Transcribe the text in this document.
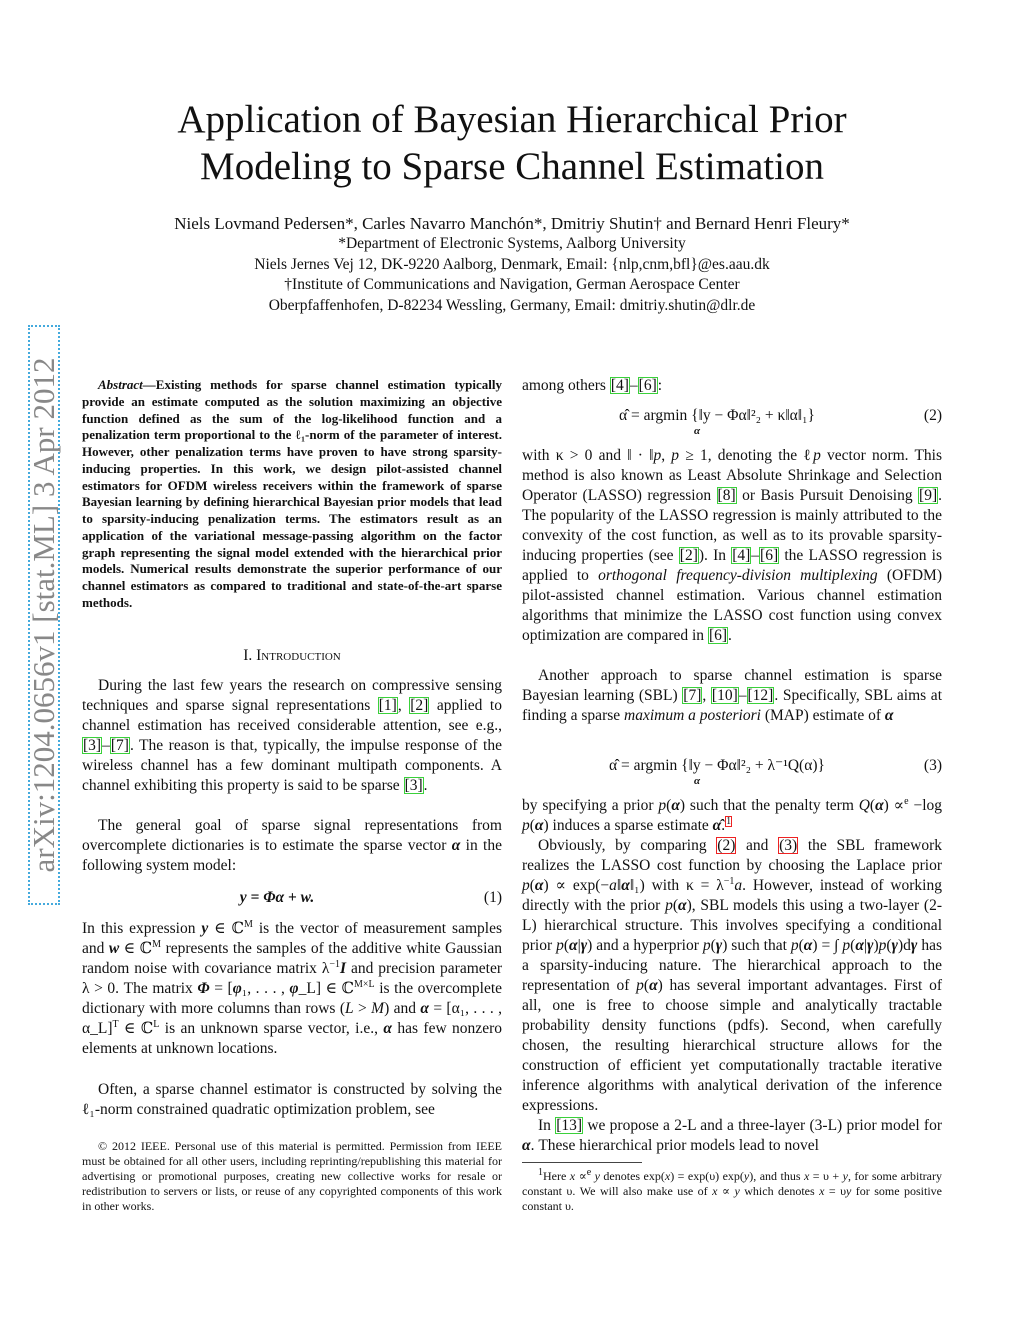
arXiv:1204.0656v1 [stat.ML] 3 Apr 2012
Application of Bayesian Hierarchical Prior
Modeling to Sparse Channel Estimation
Niels Lovmand Pedersen*, Carles Navarro Manchón*, Dmitriy Shutin† and Bernard Henri Fleury*
*Department of Electronic Systems, Aalborg University
Niels Jernes Vej 12, DK-9220 Aalborg, Denmark, Email: {nlp,cnm,bfl}@es.aau.dk
†Institute of Communications and Navigation, German Aerospace Center
Oberpfaffenhofen, D-82234 Wessling, Germany, Email: dmitriy.shutin@dlr.de
Abstract—Existing methods for sparse channel estimation typically provide an estimate computed as the solution maximizing an objective function defined as the sum of the log-likelihood function and a penalization term proportional to the ℓ₁-norm of the parameter of interest. However, other penalization terms have proven to have strong sparsity-inducing properties. In this work, we design pilot-assisted channel estimators for OFDM wireless receivers within the framework of sparse Bayesian learning by defining hierarchical Bayesian prior models that lead to sparsity-inducing penalization terms. The estimators result as an application of the variational message-passing algorithm on the factor graph representing the signal model extended with the hierarchical prior models. Numerical results demonstrate the superior performance of our channel estimators as compared to traditional and state-of-the-art sparse methods.
I. Introduction
During the last few years the research on compressive sensing techniques and sparse signal representations [1], [2] applied to channel estimation has received considerable attention, see e.g., [3]–[7]. The reason is that, typically, the impulse response of the wireless channel has a few dominant multipath components. A channel exhibiting this property is said to be sparse [3].
The general goal of sparse signal representations from overcomplete dictionaries is to estimate the sparse vector α in the following system model:
y = Φα + w.	(1)
In this expression y ∈ ℂ$^M$ is the vector of measurement samples and w ∈ ℂ$^M$ represents the samples of the additive white Gaussian random noise with covariance matrix $\lambda^{-1}I$ and precision parameter λ > 0. The matrix Φ = [φ₁, . . . , φ_L] ∈ ℂ$^{M\times L}$ is the overcomplete dictionary with more columns than rows (L > M) and α = [α₁, . . . , α_L]$^T$ ∈ ℂ$^L$ is an unknown sparse vector, i.e., α has few nonzero elements at unknown locations.
Often, a sparse channel estimator is constructed by solving the ℓ₁-norm constrained quadratic optimization problem, see
© 2012 IEEE. Personal use of this material is permitted. Permission from IEEE must be obtained for all other users, including reprinting/republishing this material for advertising or promotional purposes, creating new collective works for resale or redistribution to servers or lists, or reuse of any copyrighted components of this work in other works.
among others [4]–[6]:
α̂ = argmin {‖y − Φα‖²₂ + κ‖α‖₁}
α
(2)
with κ > 0 and ‖ · ‖p, p ≥ 1, denoting the ℓp vector norm. This method is also known as Least Absolute Shrinkage and Selection Operator (LASSO) regression [8] or Basis Pursuit Denoising [9]. The popularity of the LASSO regression is mainly attributed to the convexity of the cost function, as well as to its provable sparsity-inducing properties (see [2]). In [4]–[6] the LASSO regression is applied to orthogonal frequency-division multiplexing (OFDM) pilot-assisted channel estimation. Various channel estimation algorithms that minimize the LASSO cost function using convex optimization are compared in [6].
Another approach to sparse channel estimation is sparse Bayesian learning (SBL) [7], [10]–[12]. Specifically, SBL aims at finding a sparse maximum a posteriori (MAP) estimate of α
α̂ = argmin {‖y − Φα‖²₂ + λ⁻¹Q(α)}
α
(3)
by specifying a prior p(α) such that the penalty term Q(α) ∝$^e$ −log p(α) induces a sparse estimate α̂.$^1$
Obviously, by comparing (2) and (3) the SBL framework realizes the LASSO cost function by choosing the Laplace prior p(α) ∝ exp(−a‖α‖₁) with $\kappa = \lambda^{-1}a$. However, instead of working directly with the prior p(α), SBL models this using a two-layer (2-L) hierarchical structure. This involves specifying a conditional prior p(α|γ) and a hyperprior p(γ) such that p(α) = ∫ p(α|γ)p(γ)dγ has a sparsity-inducing nature. The hierarchical approach to the representation of p(α) has several important advantages. First of all, one is free to choose simple and analytically tractable probability density functions (pdfs). Second, when carefully chosen, the resulting hierarchical structure allows for the construction of efficient yet computationally tractable iterative inference algorithms with analytical derivation of the inference expressions.
In [13] we propose a 2-L and a three-layer (3-L) prior model for α. These hierarchical prior models lead to novel
$^1$Here x ∝$^e$ y denotes exp(x) = exp(υ) exp(y), and thus x = υ + y, for some arbitrary constant υ. We will also make use of x ∝ y which denotes x = υy for some positive constant υ.
